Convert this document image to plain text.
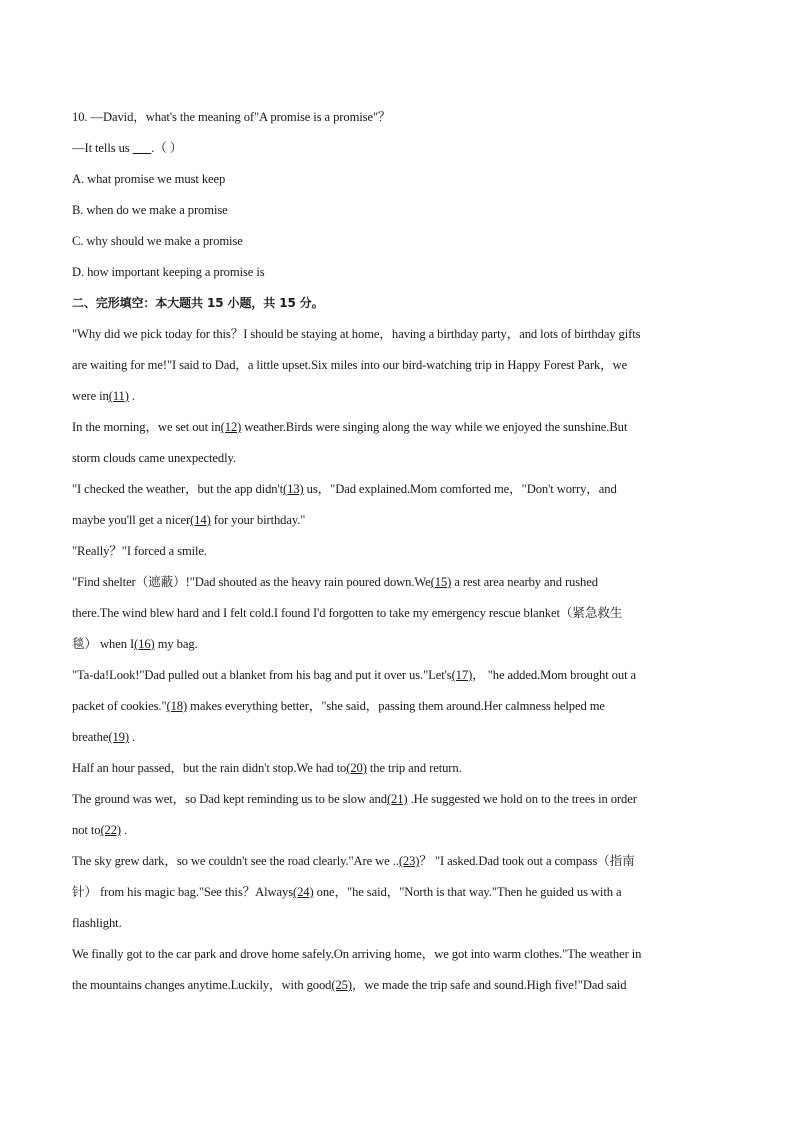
10. —David，what's the meaning of"A promise is a promise"？
—It tells us ___.（ ）
A. what promise we must keep
B. when do we make a promise
C. why should we make a promise
D. how important keeping a promise is
二、完形填空：本大题共 15 小题，共 15 分。
"Why did we pick today for this？I should be staying at home，having a birthday party，and lots of birthday gifts
are waiting for me!"I said to Dad，a little upset.Six miles into our bird-watching trip in Happy Forest Park，we
were in(11) .
In the morning，we set out in(12) weather.Birds were singing along the way while we enjoyed the sunshine.But
storm clouds came unexpectedly.
"I checked the weather，but the app didn't(13) us，"Dad explained.Mom comforted me，"Don't worry，and
maybe you'll get a nicer(14) for your birthday."
"Really？"I forced a smile.
"Find shelter（遮蔽）!"Dad shouted as the heavy rain poured down.We(15) a rest area nearby and rushed
there.The wind blew hard and I felt cold.I found I'd forgotten to take my emergency rescue blanket（紧急救生
毯） when I(16) my bag.
"Ta-da!Look!"Dad pulled out a blanket from his bag and put it over us."Let's(17)， "he added.Mom brought out a
packet of cookies."(18) makes everything better，"she said，passing them around.Her calmness helped me
breathe(19) .
Half an hour passed，but the rain didn't stop.We had to(20) the trip and return.
The ground was wet，so Dad kept reminding us to be slow and(21) .He suggested we hold on to the trees in order
not to(22) .
The sky grew dark，so we couldn't see the road clearly."Are we ..(23)？ "I asked.Dad took out a compass（指南
针） from his magic bag."See this？Always(24) one，"he said，"North is that way."Then he guided us with a
flashlight.
We finally got to the car park and drove home safely.On arriving home，we got into warm clothes."The weather in
the mountains changes anytime.Luckily，with good(25)，we made the trip safe and sound.High five!"Dad said
